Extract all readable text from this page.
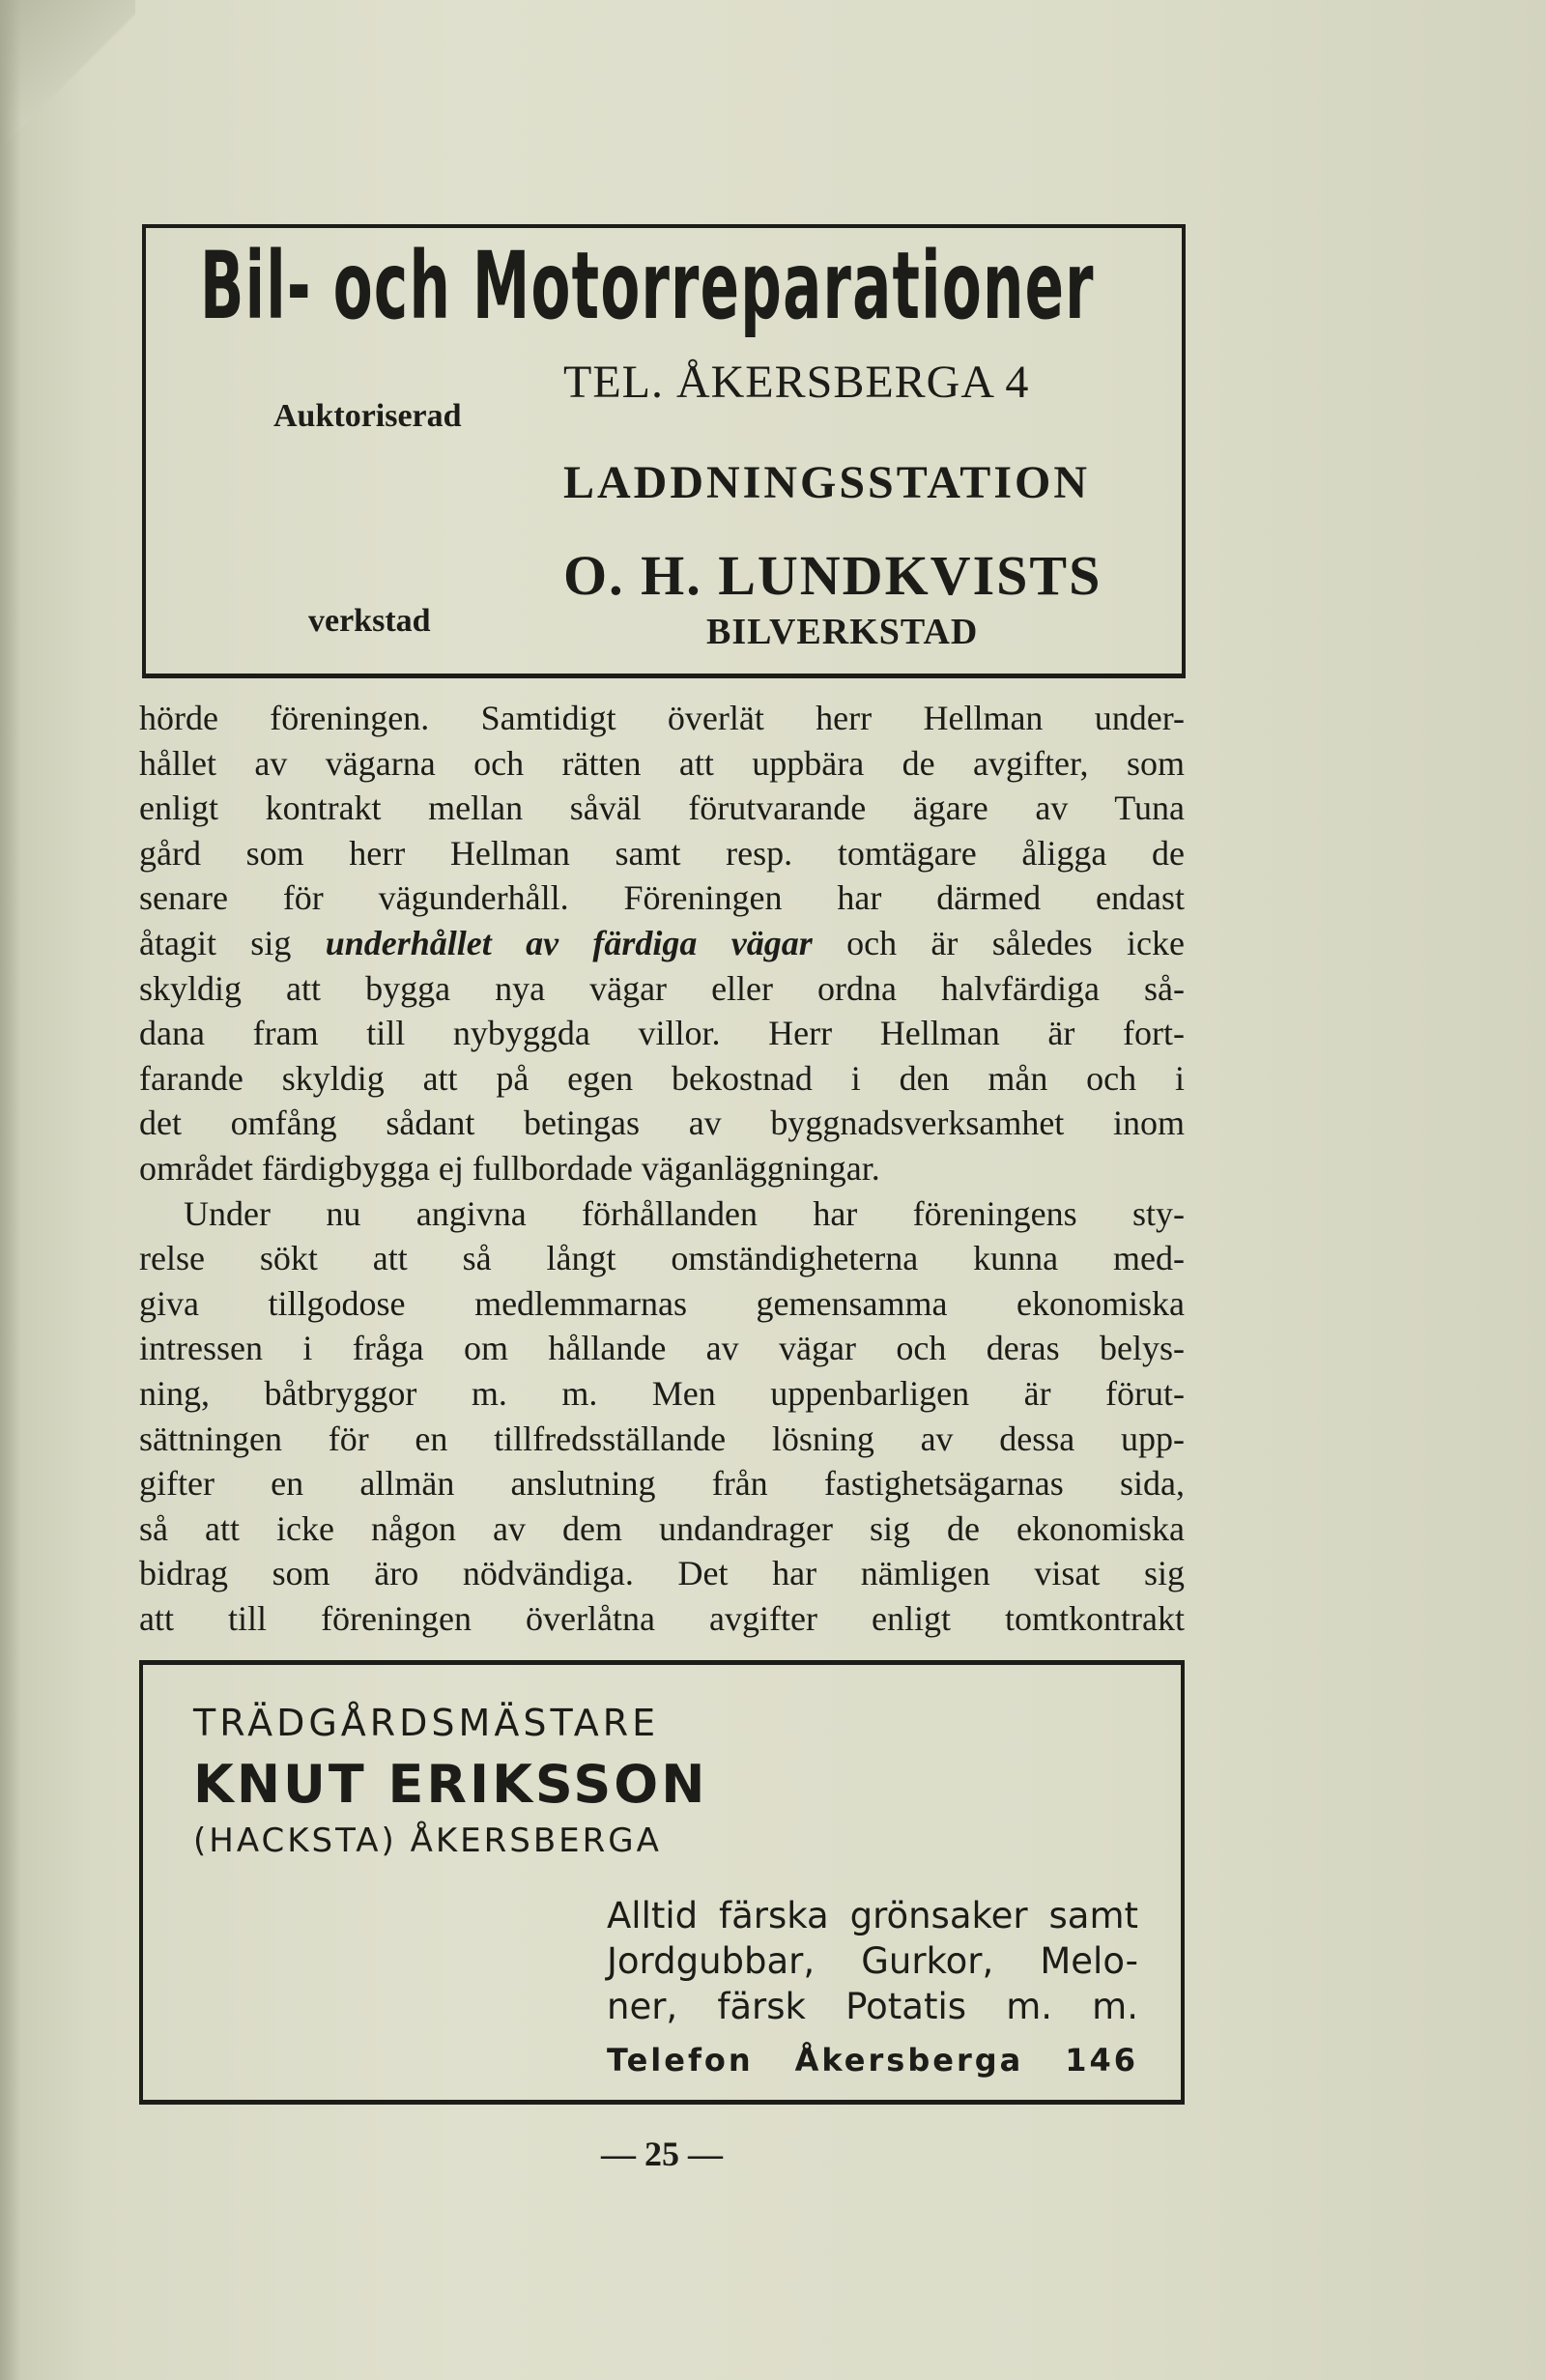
Bil- och Motorreparationer
Auktoriserad
verkstad
TEL. ÅKERSBERGA 4
LADDNINGSSTATION
O. H. LUNDKVISTS
BILVERKSTAD
hörde föreningen. Samtidigt överlät herr Hellman under-
hållet av vägarna och rätten att uppbära de avgifter, som
enligt kontrakt mellan såväl förutvarande ägare av Tuna
gård som herr Hellman samt resp. tomtägare åligga de
senare för vägunderhåll. Föreningen har därmed endast
åtagit sig underhållet av färdiga vägar och är således icke
skyldig att bygga nya vägar eller ordna halvfärdiga så-
dana fram till nybyggda villor. Herr Hellman är fort-
farande skyldig att på egen bekostnad i den mån och i
det omfång sådant betingas av byggnadsverksamhet inom
området färdigbygga ej fullbordade väganläggningar.
Under nu angivna förhållanden har föreningens sty-
relse sökt att så långt omständigheterna kunna med-
giva tillgodose medlemmarnas gemensamma ekonomiska
intressen i fråga om hållande av vägar och deras belys-
ning, båtbryggor m. m. Men uppenbarligen är förut-
sättningen för en tillfredsställande lösning av dessa upp-
gifter en allmän anslutning från fastighetsägarnas sida,
så att icke någon av dem undandrager sig de ekonomiska
bidrag som äro nödvändiga. Det har nämligen visat sig
att till föreningen överlåtna avgifter enligt tomtkontrakt
TRÄDGÅRDSMÄSTARE
KNUT ERIKSSON
(HACKSTA) ÅKERSBERGA
Alltid färska grönsaker samt
Jordgubbar, Gurkor, Melo-
ner, färsk Potatis m. m.
Telefon Åkersberga 146
— 25 —
